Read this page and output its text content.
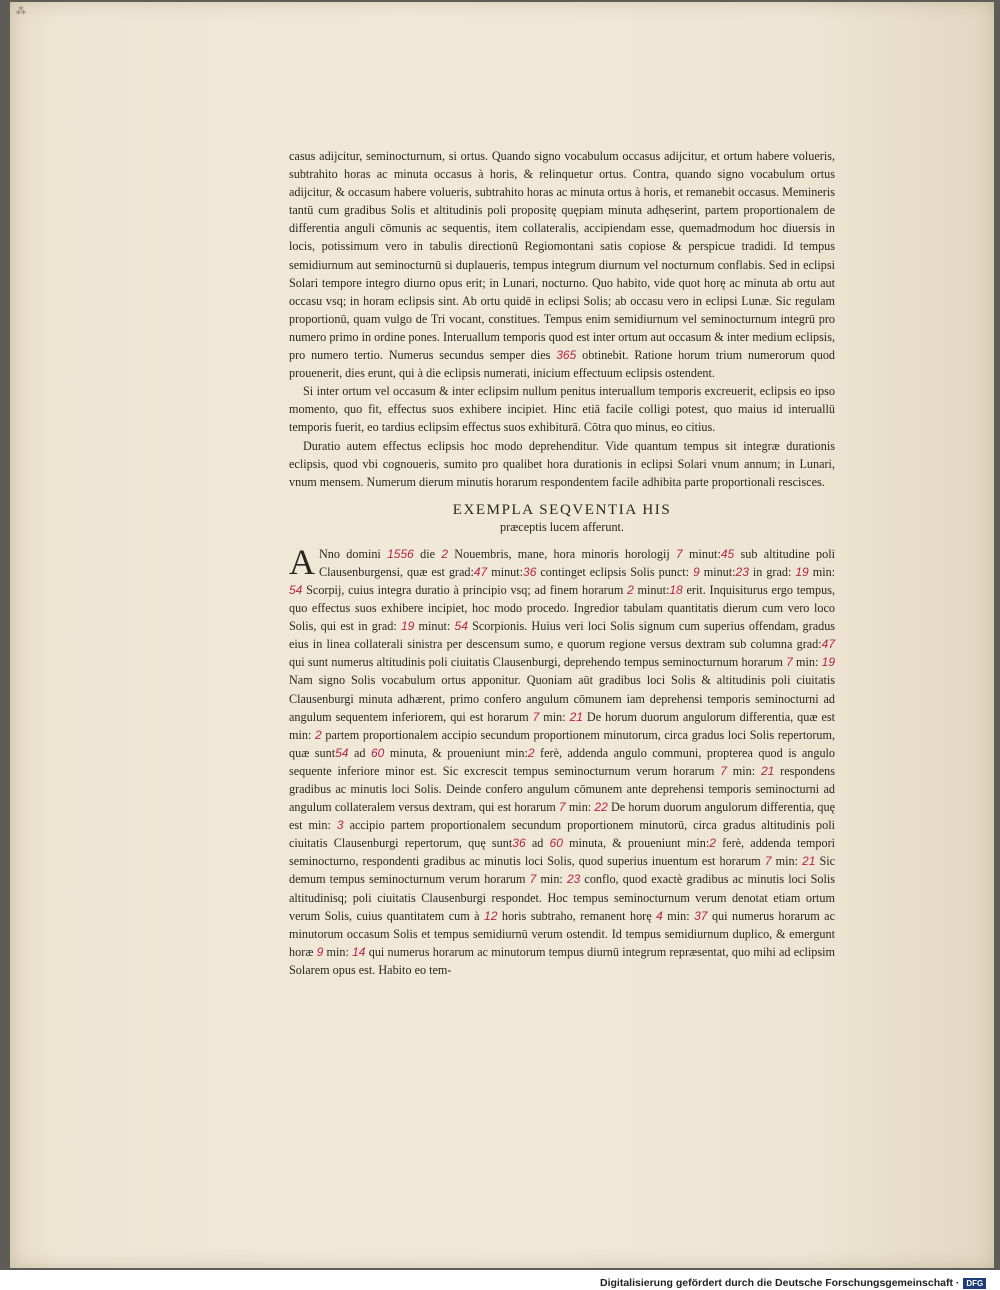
⁂

casus adijcitur, seminocturnum, si ortus. Quando signo vocabulum occasus adijcitur, et ortum habere volueris, subtrahito horas ac minuta occasus à horis, & relinquetur ortus. Contra, quando signo vocabulum ortus adijcitur, & occasum habere volueris, subtrahito horas ac minuta ortus à horis, et remanebit occasus. Memineris tantū cum gradibus Solis et altitudinis poli propositę quępiam minuta adhęserint, partem proportionalem de differentia anguli cōmunis ac sequentis, item collateralis, accipiendam esse, quemadmodum hoc diuersis in locis, potissimum vero in tabulis directionū Regiomontani satis copiose & perspicue tradidi. Id tempus semidiurnum aut seminocturnū si duplaueris, tempus integrum diurnum vel nocturnum conflabis. Sed in eclipsi Solari tempore integro diurno opus erit; in Lunari, nocturno. Quo habito, vide quot horę ac minuta ab ortu aut occasu vsq; in horam eclipsis sint. Ab ortu quidē in eclipsi Solis; ab occasu vero in eclipsi Lunæ. Sic regulam proportionū, quam vulgo de Tri vocant, constitues. Tempus enim semidiurnum vel seminocturnum integrū pro numero primo in ordine pones. Interuallum temporis quod est inter ortum aut occasum & inter medium eclipsis, pro numero tertio. Numerus secundus semper dies 365 obtinebit. Ratione horum trium numerorum quod prouenerit, dies erunt, qui à die eclipsis numerati, inicium effectuum eclipsis ostendent.

Si inter ortum vel occasum & inter eclipsim nullum penitus interuallum temporis excreuerit, eclipsis eo ipso momento, quo fit, effectus suos exhibere incipiet. Hinc etiā facile colligi potest, quo maius id interuallū temporis fuerit, eo tardius eclipsim effectus suos exhibiturā. Cōtra quo minus, eo citius.

Duratio autem effectus eclipsis hoc modo deprehenditur. Vide quantum tempus sit integræ durationis eclipsis, quod vbi cognoueris, sumito pro qualibet hora durationis in eclipsi Solari vnum annum; in Lunari, vnum mensem. Numerum dierum minutis horarum respondentem facile adhibita parte proportionali rescisces.

EXEMPLA SEQVENTIA HIS
præceptis lucem afferunt.

A Nno domini 1556 die 2 Nouembris, mane, hora minoris horologij 7 minut:45 sub altitudine poli Clausenburgensi, quæ est grad:47 minut:36 continget eclipsis Solis punct: 9 minut:23 in grad: 19 min: 54 Scorpij, cuius integra duratio à principio vsq; ad finem horarum 2 minut:18 erit. Inquisiturus ergo tempus, quo effectus suos exhibere incipiet, hoc modo procedo. Ingredior tabulam quantitatis dierum cum vero loco Solis, qui est in grad: 19 minut: 54 Scorpionis. Huius veri loci Solis signum cum superius offendam, gradus eius in linea collaterali sinistra per descensum sumo, e quorum regione versus dextram sub columna grad:47 qui sunt numerus altitudinis poli ciuitatis Clausenburgi, deprehendo tempus seminocturnum horarum 7 min: 19 Nam signo Solis vocabulum ortus apponitur. Quoniam aūt gradibus loci Solis & altitudinis poli ciuitatis Clausenburgi minuta adhærent, primo confero angulum cōmunem iam deprehensi temporis seminocturni ad angulum sequentem inferiorem, qui est horarum 7 min: 21 De horum duorum angulorum differentia, quæ est min: 2 partem proportionalem accipio secundum proportionem minutorum, circa gradus loci Solis repertorum, quæ sunt54 ad 60 minuta, & proueniunt min:2 ferè, addenda angulo communi, propterea quod is angulo sequente inferiore minor est. Sic excrescit tempus seminocturnum verum horarum 7 min: 21 respondens gradibus ac minutis loci Solis. Deinde confero angulum cōmunem ante deprehensi temporis seminocturni ad angulum collateralem versus dextram, qui est horarum 7 min: 22 De horum duorum angulorum differentia, quę est min: 3 accipio partem proportionalem secundum proportionem minutorū, circa gradus altitudinis poli ciuitatis Clausenburgi repertorum, quę sunt36 ad 60 minuta, & proueniunt min:2 ferè, addenda tempori seminocturno, respondenti gradibus ac minutis loci Solis, quod superius inuentum est horarum 7 min: 21 Sic demum tempus seminocturnum verum horarum 7 min: 23 conflo, quod exactè gradibus ac minutis loci Solis altitudinisq; poli ciuitatis Clausenburgi respondet. Hoc tempus seminocturnum verum denotat etiam ortum verum Solis, cuius quantitatem cum à 12 horis subtraho, remanent horę 4 min: 37 qui numerus horarum ac minutorum occasum Solis et tempus semidiurnū verum ostendit. Id tempus semidiurnum duplico, & emergunt horæ 9 min: 14 qui numerus horarum ac minutorum tempus diurnū integrum repræsentat, quo mihi ad eclipsim Solarem opus est. Habito eo tem-

Digitalisierung gefördert durch die Deutsche Forschungsgemeinschaft · DFG
